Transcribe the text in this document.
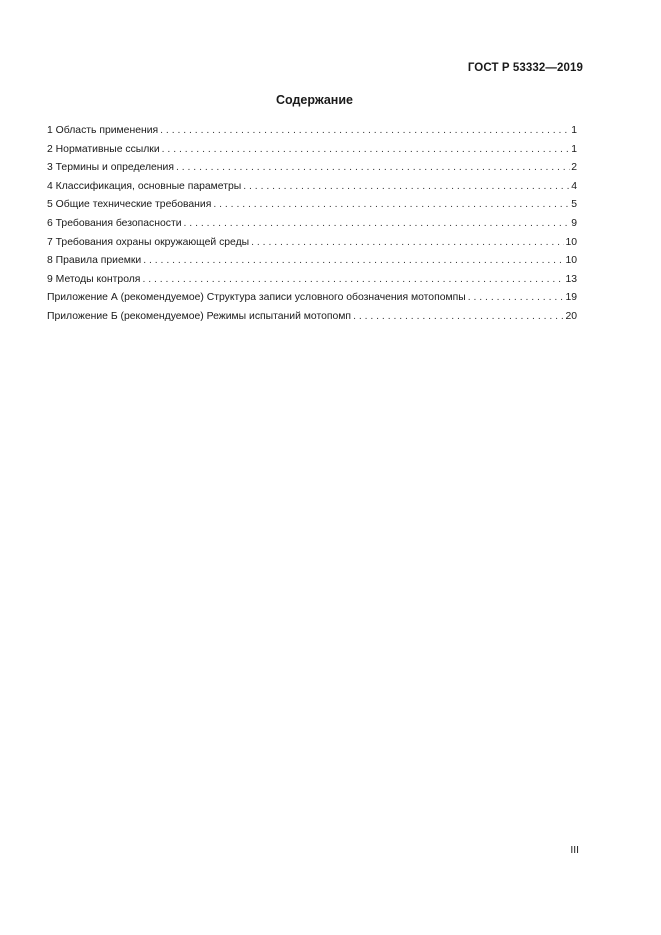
ГОСТ Р 53332—2019
Содержание
1 Область применения . . .	1
2 Нормативные ссылки . . .	1
3 Термины и определения . . .	2
4 Классификация, основные параметры . . .	4
5 Общие технические требования . . .	5
6 Требования безопасности . . .	9
7 Требования охраны окружающей среды . . .	10
8 Правила приемки . . .	10
9 Методы контроля . . .	13
Приложение А (рекомендуемое) Структура записи условного обозначения мотопомпы . . .	19
Приложение Б (рекомендуемое) Режимы испытаний мотопомп . . .	20
III
